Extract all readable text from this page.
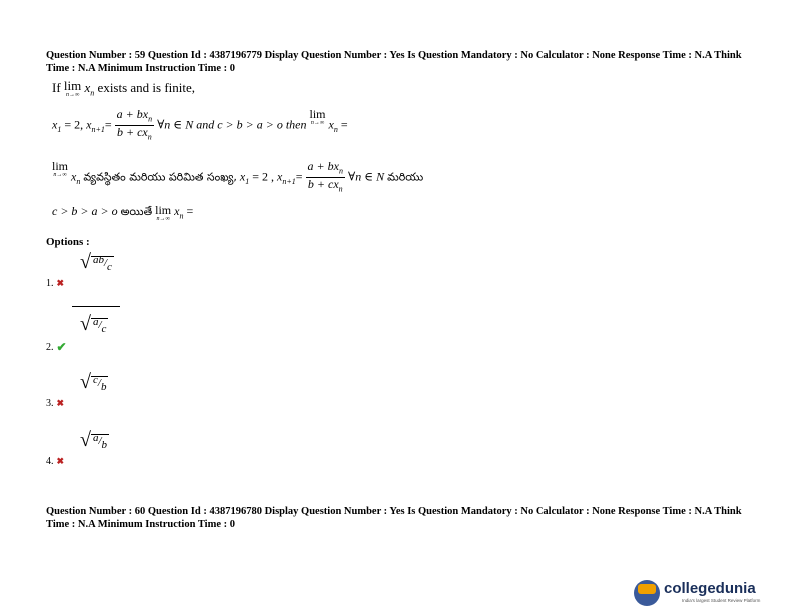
Question Number : 59 Question Id : 4387196779 Display Question Number : Yes Is Question Mandatory : No Calculator : None Response Time : N.A Think Time : N.A Minimum Instruction Time : 0
If lim
n→∞ $x_n$ exists and is finite,
$x_1 = 2$, $x_{n+1}= \frac{a + bx_n}{b + cx_n}$ ∀n ∈ N and c > b > a > o then lim
n→∞ $x_n$ =
lim
n→∞ $x_n$ వ్యవస్థితం మరియు పరిమిత సంఖ్య, $x_1 = 2$ , $x_{n+1}= \frac{a + bx_n}{b + cx_n}$ ∀n ∈ N మరియు
c > b > a > o అయితే lim
n→∞
$x_n$ =
Options :
√ ab/c
1. ✖
√ a/c
2. ✔
√ c/b
3. ✖
√ a/b
4. ✖
Question Number : 60 Question Id : 4387196780 Display Question Number : Yes Is Question Mandatory : No Calculator : None Response Time : N.A Think Time : N.A Minimum Instruction Time : 0
collegedunia
India's largest Student Review Platform
